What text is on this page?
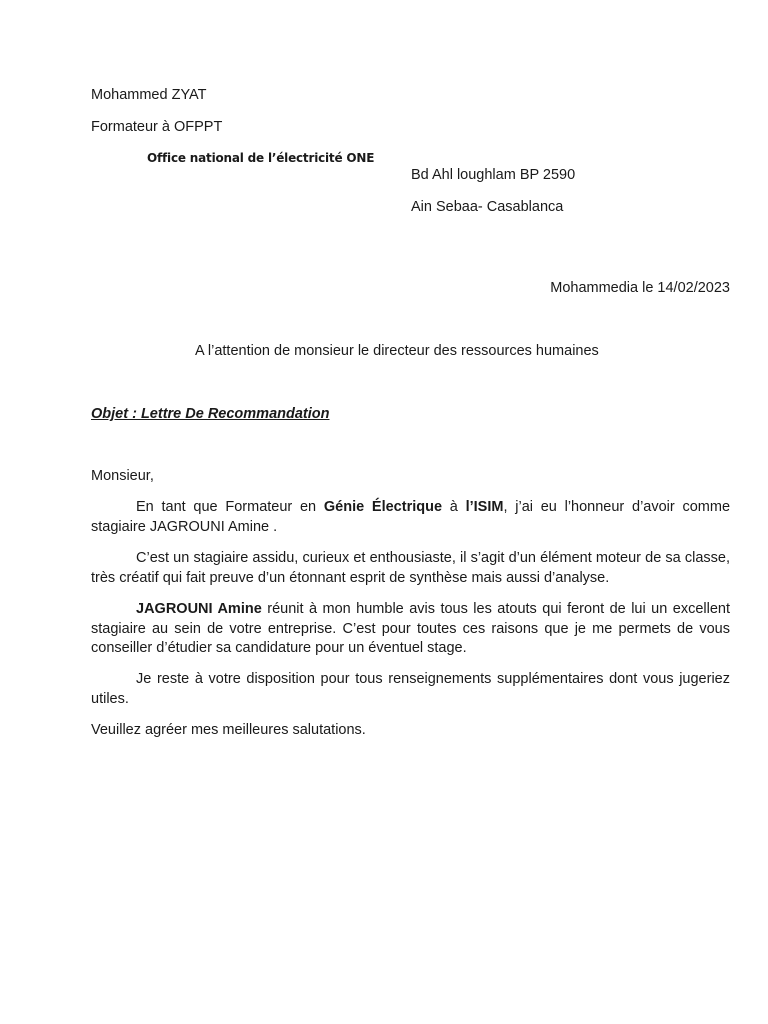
Mohammed ZYAT
Formateur à OFPPT
Office national de l’électricité ONE
Bd Ahl loughlam BP 2590
Ain Sebaa- Casablanca
Mohammedia le 14/02/2023
A l’attention de monsieur le directeur des ressources humaines
Objet : Lettre De Recommandation
Monsieur,

En tant que Formateur en Génie Électrique à l’ISIM, j’ai eu l’honneur d’avoir comme stagiaire JAGROUNI Amine .

C’est un stagiaire assidu, curieux et enthousiaste, il s’agit d’un élément moteur de sa classe, très créatif qui fait preuve d’un étonnant esprit de synthèse mais aussi d’analyse.

JAGROUNI Amine réunit à mon humble avis tous les atouts qui feront de lui un excellent stagiaire au sein de votre entreprise. C’est pour toutes ces raisons que je me permets de vous conseiller d’étudier sa candidature pour un éventuel stage.

Je reste à votre disposition pour tous renseignements supplémentaires dont vous jugeriez utiles.

Veuillez agréer mes meilleures salutations.
